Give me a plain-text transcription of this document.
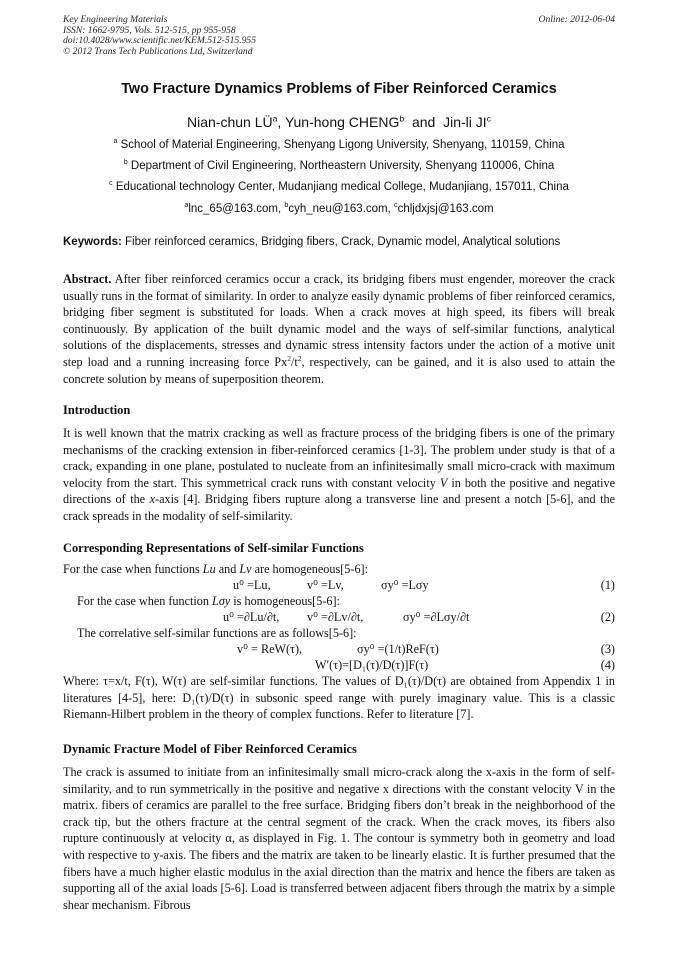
Key Engineering Materials
ISSN: 1662-9795, Vols. 512-515, pp 955-958
doi:10.4028/www.scientific.net/KEM.512-515.955
© 2012 Trans Tech Publications Ltd, Switzerland
Online: 2012-06-04
Two Fracture Dynamics Problems of Fiber Reinforced Ceramics
Nian-chun $LÜ^a$, Yun-hong CHENG$^b$  and  Jin-li $JI^c$
$^a$ School of Material Engineering, Shenyang Ligong University, Shenyang, 110159, China
$^b$ Department of Civil Engineering, Northeastern University, Shenyang 110006, China
$^c$ Educational technology Center, Mudanjiang medical College, Mudanjiang, 157011, China
$^a$lnc_65@163.com, $^b$cyh_neu@163.com, $^c$chljdxjsj@163.com
Keywords: Fiber reinforced ceramics, Bridging fibers, Crack, Dynamic model, Analytical solutions
Abstract. After fiber reinforced ceramics occur a crack, its bridging fibers must engender, moreover the crack usually runs in the format of similarity. In order to analyze easily dynamic problems of fiber reinforced ceramics, bridging fiber segment is substituted for loads. When a crack moves at high speed, its fibers will break continuously. By application of the built dynamic model and the ways of self-similar functions, analytical solutions of the displacements, stresses and dynamic stress intensity factors under the action of a motive unit step load and a running increasing force $Px^2/t^2$, respectively, can be gained, and it is also used to attain the concrete solution by means of superposition theorem.
Introduction
It is well known that the matrix cracking as well as fracture process of the bridging fibers is one of the primary mechanisms of the cracking extension in fiber-reinforced ceramics [1-3]. The problem under study is that of a crack, expanding in one plane, postulated to nucleate from an infinitesimally small micro-crack with maximum velocity from the start. This symmetrical crack runs with constant velocity V in both the positive and negative directions of the x-axis [4]. Bridging fibers rupture along a transverse line and present a notch [5-6], and the crack spreads in the modality of self-similarity.
Corresponding Representations of Self-similar Functions
For the case when functions Lu and Lv are homogeneous[5-6]:
u⁰ =Lu,	v⁰ =Lv,	σy⁰ =Lσy	(1)
For the case when function Lσy is homogeneous[5-6]:
u⁰ =∂Lu/∂t, v⁰ =∂Lv/∂t,	σy⁰ =∂Lσy/∂t	(2)
The correlative self-similar functions are as follows[5-6]:
v⁰ = ReW(τ),	σy⁰ =(1/t)ReF(τ)	(3)
W′(τ)=[D₁(τ)/D(τ)]F(τ)	(4)
Where: τ=x/t, F(τ), W(τ) are self-similar functions. The values of D₁(τ)/D(τ) are obtained from Appendix 1 in literatures [4-5], here: D₁(τ)/D(τ) in subsonic speed range with purely imaginary value. This is a classic Riemann-Hilbert problem in the theory of complex functions. Refer to literature [7].
Dynamic Fracture Model of Fiber Reinforced Ceramics
The crack is assumed to initiate from an infinitesimally small micro-crack along the x-axis in the form of self-similarity, and to run symmetrically in the positive and negative x directions with the constant velocity V in the matrix. fibers of ceramics are parallel to the free surface. Bridging fibers don’t break in the neighborhood of the crack tip, but the others fracture at the central segment of the crack. When the crack moves, its fibers also rupture continuously at velocity α, as displayed in Fig. 1. The contour is symmetry both in geometry and load with respective to y-axis. The fibers and the matrix are taken to be linearly elastic. It is further presumed that the fibers have a much higher elastic modulus in the axial direction than the matrix and hence the fibers are taken as supporting all of the axial loads [5-6]. Load is transferred between adjacent fibers through the matrix by a simple shear mechanism. Fibrous
